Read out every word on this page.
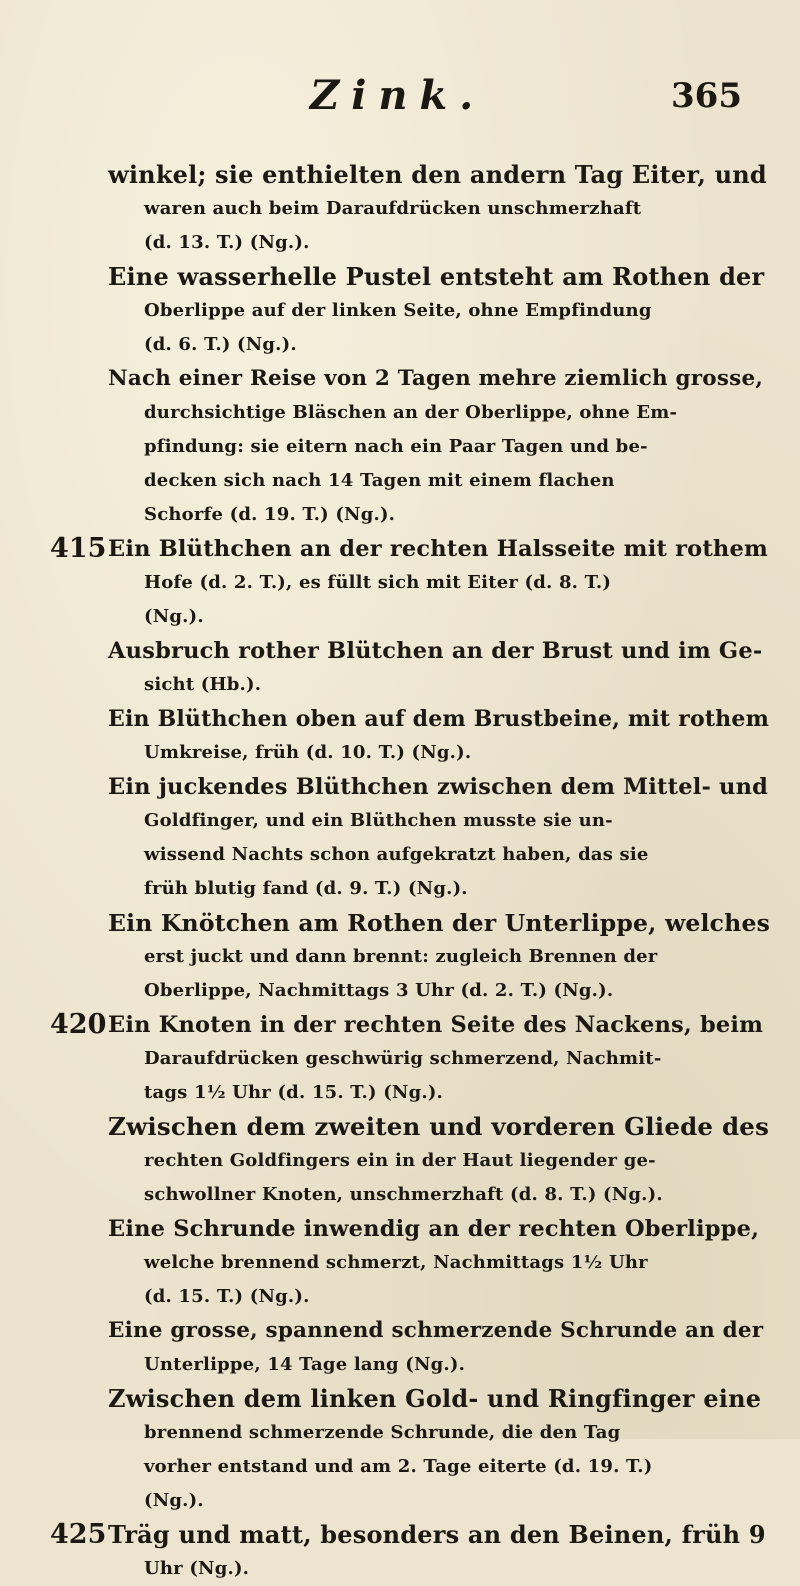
Zink.	365
winkel; sie enthielten den andern Tag Eiter, und
waren auch beim Daraufdrücken unschmerzhaft
(d. 13. T.) (Ng.).
Eine wasserhelle Pustel entsteht am Rothen der
Oberlippe auf der linken Seite, ohne Empfindung
(d. 6. T.) (Ng.).
Nach einer Reise von 2 Tagen mehre ziemlich grosse,
durchsichtige Bläschen an der Oberlippe, ohne Em-
pfindung: sie eitern nach ein Paar Tagen und be-
decken sich nach 14 Tagen mit einem flachen
Schorfe (d. 19. T.) (Ng.).
415 Ein Blüthchen an der rechten Halsseite mit rothem
Hofe (d. 2. T.), es füllt sich mit Eiter (d. 8. T.)
(Ng.).
Ausbruch rother Blütchen an der Brust und im Ge-
sicht (Hb.).
Ein Blüthchen oben auf dem Brustbeine, mit rothem
Umkreise, früh (d. 10. T.) (Ng.).
Ein juckendes Blüthchen zwischen dem Mittel- und
Goldfinger, und ein Blüthchen musste sie un-
wissend Nachts schon aufgekratzt haben, das sie
früh blutig fand (d. 9. T.) (Ng.).
Ein Knötchen am Rothen der Unterlippe, welches
erst juckt und dann brennt: zugleich Brennen der
Oberlippe, Nachmittags 3 Uhr (d. 2. T.) (Ng.).
420 Ein Knoten in der rechten Seite des Nackens, beim
Daraufdrücken geschwürig schmerzend, Nachmit-
tags 1½ Uhr (d. 15. T.) (Ng.).
Zwischen dem zweiten und vorderen Gliede des
rechten Goldfingers ein in der Haut liegender ge-
schwollner Knoten, unschmerzhaft (d. 8. T.) (Ng.).
Eine Schrunde inwendig an der rechten Oberlippe,
welche brennend schmerzt, Nachmittags 1½ Uhr
(d. 15. T.) (Ng.).
Eine grosse, spannend schmerzende Schrunde an der
Unterlippe, 14 Tage lang (Ng.).
Zwischen dem linken Gold- und Ringfinger eine
brennend schmerzende Schrunde, die den Tag
vorher entstand und am 2. Tage eiterte (d. 19. T.)
(Ng.).
425 Träg und matt, besonders an den Beinen, früh 9
Uhr (Ng.).
